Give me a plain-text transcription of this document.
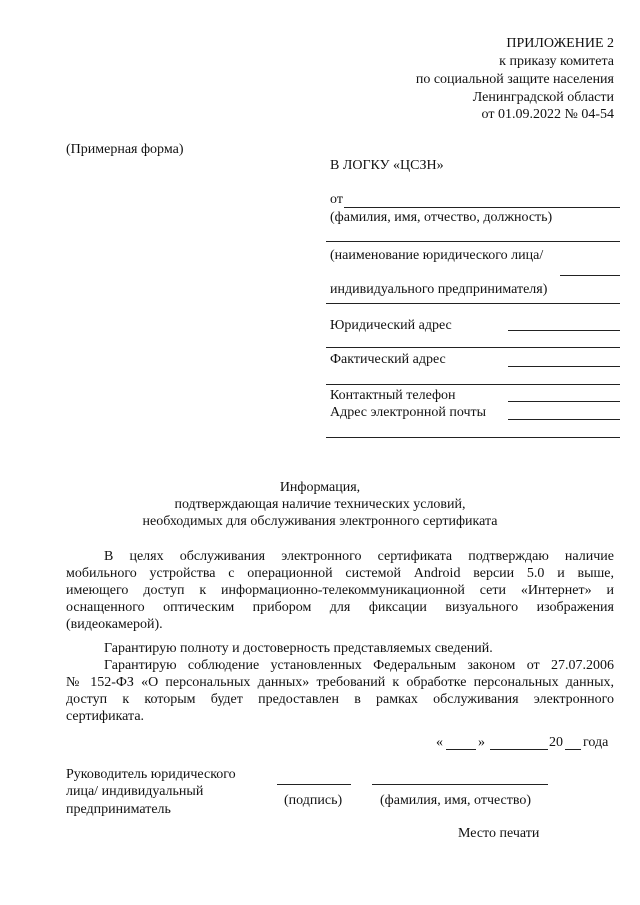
ПРИЛОЖЕНИЕ 2
к приказу комитета
по социальной защите населения
Ленинградской области
от 01.09.2022 № 04-54
(Примерная форма)
В ЛОГКУ «ЦСЗН»
от
(фамилия, имя, отчество, должность)
(наименование юридического лица/
индивидуального предпринимателя)
Юридический адрес
Фактический адрес
Контактный телефон
Адрес электронной почты
Информация,
подтверждающая наличие технических условий,
необходимых для обслуживания электронного сертификата
В целях обслуживания электронного сертификата подтверждаю наличие
мобильного устройства с операционной системой Android версии 5.0 и выше,
имеющего доступ к информационно-телекоммуникационной сети «Интернет» и
оснащенного оптическим прибором для фиксации визуального изображения
(видеокамерой).
Гарантирую полноту и достоверность представляемых сведений.
Гарантирую соблюдение установленных Федеральным законом от 27.07.2006
№ 152-ФЗ «О персональных данных» требований к обработке персональных данных,
доступ к которым будет предоставлен в рамках обслуживания электронного
сертификата.
«	»	20 года
Руководитель юридического
лица/ индивидуальный
предприниматель
(подпись)	(фамилия, имя, отчество)
Место печати
